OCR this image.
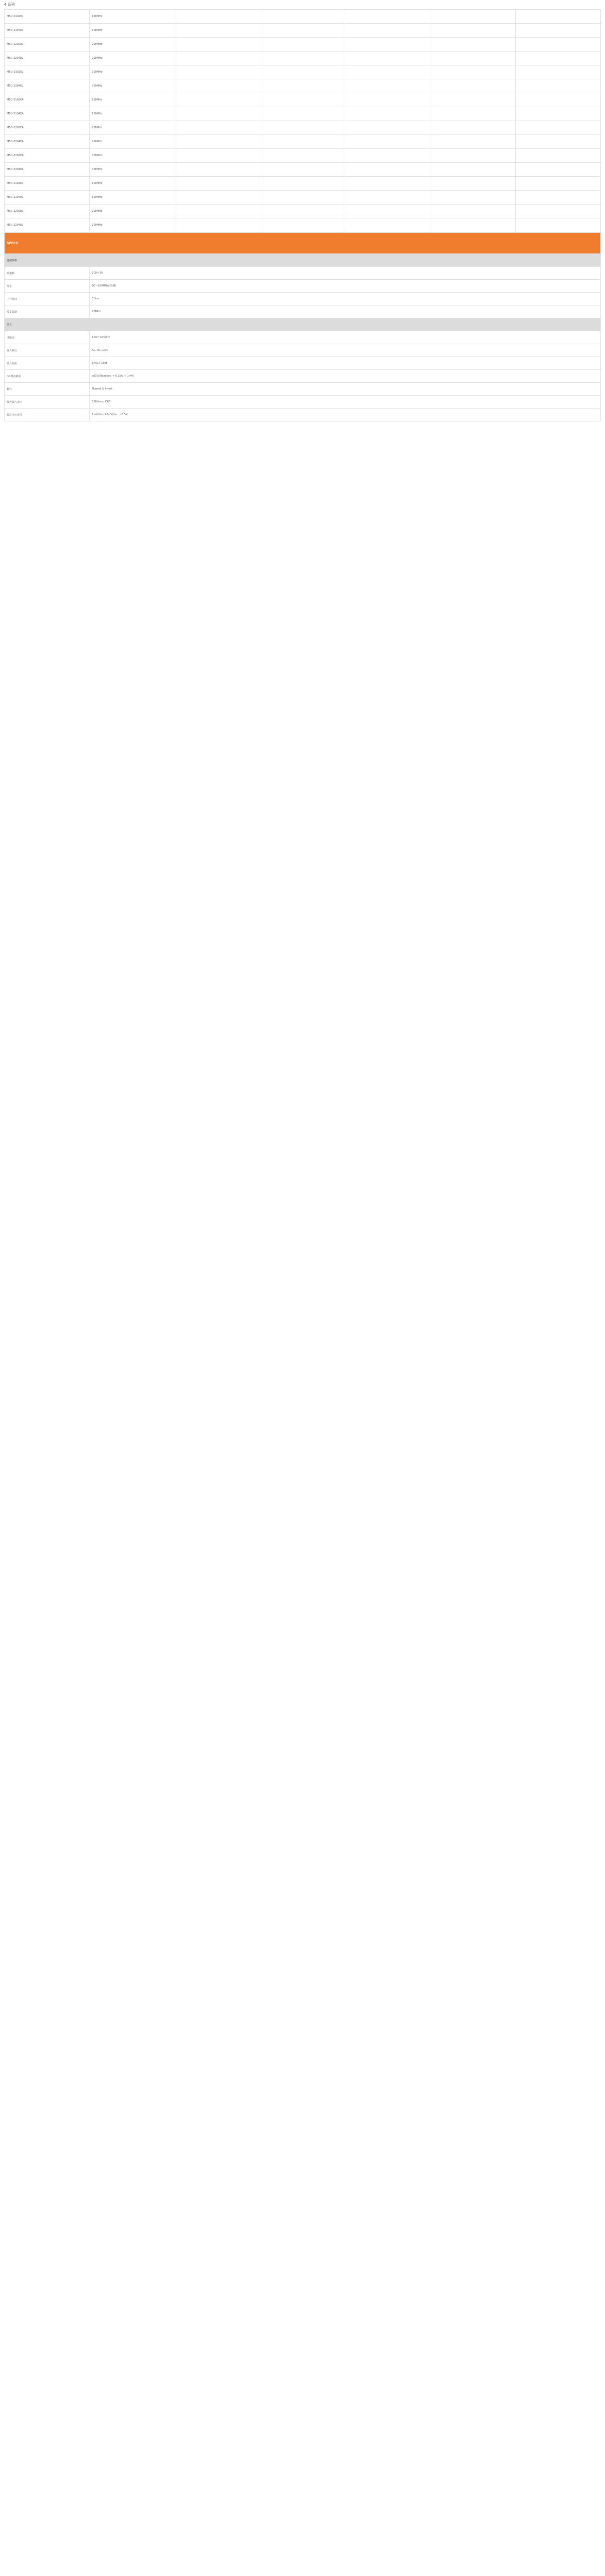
4 系列
MSO-2102EL	100MHz					
MSO-2104EL	100MHz					
MSO-2202EL	200MHz					
MSO-2204EL	200MHz					
MSO-2302EL	300MHz					
MSO-2304EL	300MHz					
MSO-2102EA	100MHz					
MSO-2104EA	100MHz					
MSO-2202EA	200MHz					
MSO-2204EA	200MHz					
MSO-2302EA	300MHz					
MSO-2304EA	300MHz					
MSO-2102EL	100MHz					
MSO-2104EL	100MHz					
MSO-2202EL	200MHz					
MSO-2204EL	200MHz					
SPECS	
通用规格	
频道数	2CH+16
带宽	DC~100MHz(-3dB)
上升时间	3.5ns
带宽限制	20MHz
垂直	
灵敏度	1mV~10V/div
输入耦合	AC, DC, GND
输入阻抗	1MΩ // 16pF
DC增益精度	±(3%|Readout| + 0.1div + 1mV)
极性	Normal & Invert
最大输入电压	300Vrms, CAT I
偏移电压范围	1mV/div~20mV/div : ±0.5V
